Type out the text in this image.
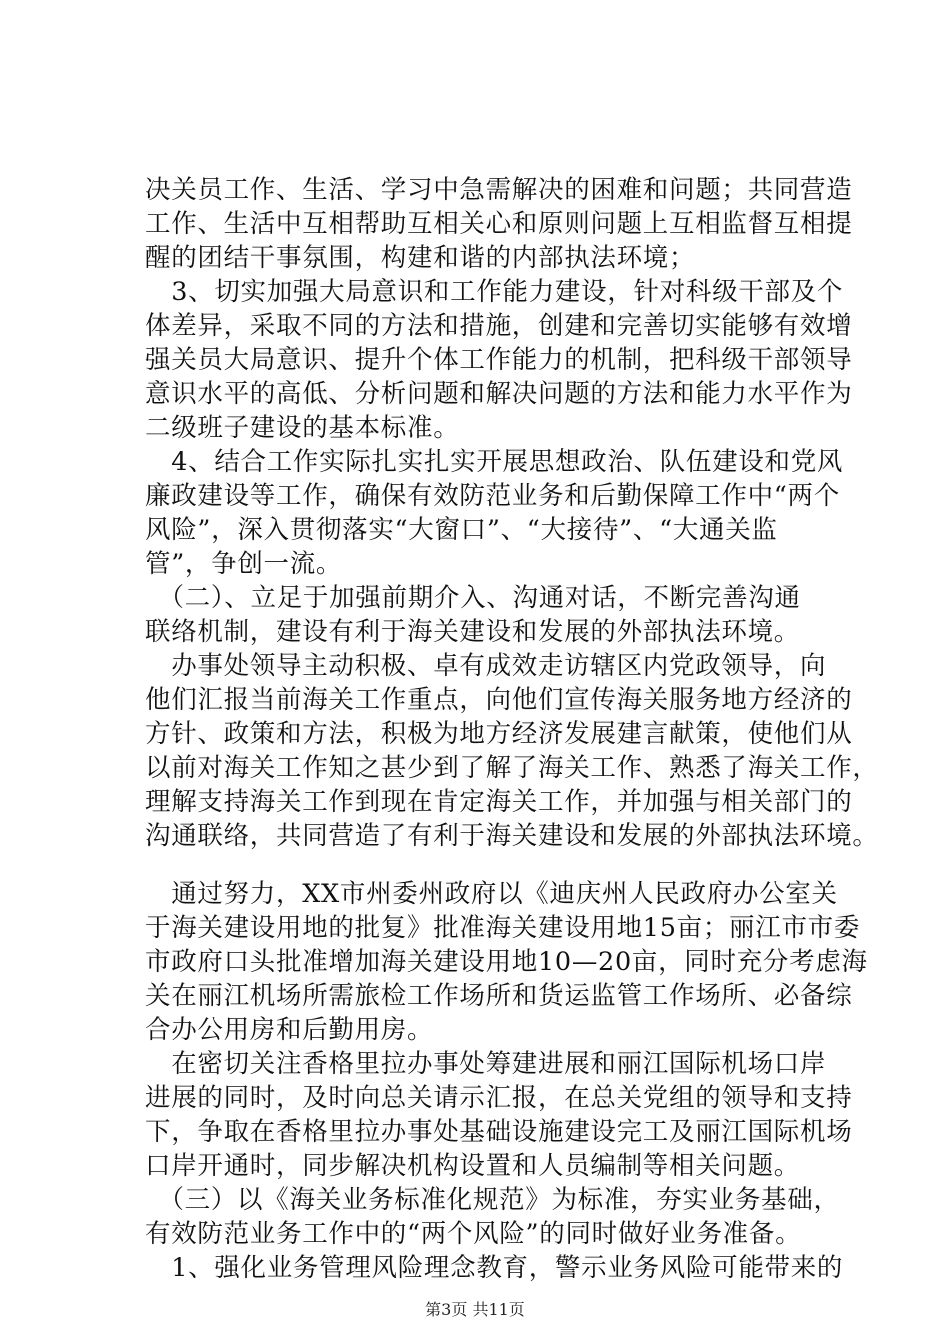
决关员工作、生活、学习中急需解决的困难和问题；共同营造
工作、生活中互相帮助互相关心和原则问题上互相监督互相提
醒的团结干事氛围，构建和谐的内部执法环境；
　3、切实加强大局意识和工作能力建设，针对科级干部及个
体差异，采取不同的方法和措施，创建和完善切实能够有效增
强关员大局意识、提升个体工作能力的机制，把科级干部领导
意识水平的高低、分析问题和解决问题的方法和能力水平作为
二级班子建设的基本标准。
　4、结合工作实际扎实扎实开展思想政治、队伍建设和党风
廉政建设等工作，确保有效防范业务和后勤保障工作中“两个
风险”，深入贯彻落实“大窗口”、“大接待”、“大通关监
管”，争创一流。
　（二）、立足于加强前期介入、沟通对话，不断完善沟通
联络机制，建设有利于海关建设和发展的外部执法环境。
　办事处领导主动积极、卓有成效走访辖区内党政领导，向
他们汇报当前海关工作重点，向他们宣传海关服务地方经济的
方针、政策和方法，积极为地方经济发展建言献策，使他们从
以前对海关工作知之甚少到了解了海关工作、熟悉了海关工作，
理解支持海关工作到现在肯定海关工作，并加强与相关部门的
沟通联络，共同营造了有利于海关建设和发展的外部执法环境。
　通过努力，XX市州委州政府以《迪庆州人民政府办公室关
于海关建设用地的批复》批准海关建设用地15亩；丽江市市委
市政府口头批准增加海关建设用地10—20亩，同时充分考虑海
关在丽江机场所需旅检工作场所和货运监管工作场所、必备综
合办公用房和后勤用房。
　在密切关注香格里拉办事处筹建进展和丽江国际机场口岸
进展的同时，及时向总关请示汇报，在总关党组的领导和支持
下，争取在香格里拉办事处基础设施建设完工及丽江国际机场
口岸开通时，同步解决机构设置和人员编制等相关问题。
　（三）以《海关业务标准化规范》为标准，夯实业务基础，
有效防范业务工作中的“两个风险”的同时做好业务准备。
　1、强化业务管理风险理念教育，警示业务风险可能带来的
第3页 共11页
